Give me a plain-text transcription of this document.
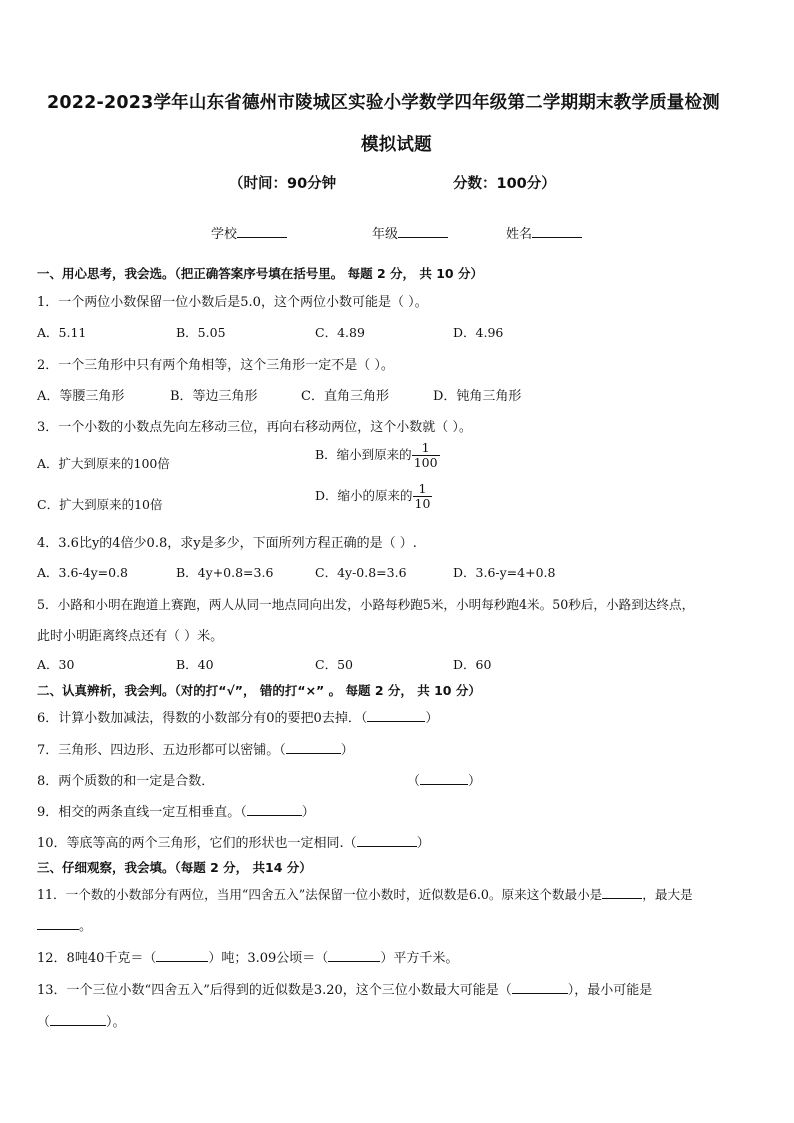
2022-2023学年山东省德州市陵城区实验小学数学四年级第二学期期末教学质量检测
模拟试题
（时间：90分钟	分数：100分）
学校	年级	姓名
一、用心思考，我会选。（把正确答案序号填在括号里。 每题 2 分， 共 10 分）
1．一个两位小数保留一位小数后是5.0，这个两位小数可能是（ ）。
A．5.11	B．5.05	C．4.89	D．4.96
2．一个三角形中只有两个角相等，这个三角形一定不是（ ）。
A．等腰三角形	B．等边三角形	C．直角三角形	D．钝角三角形
3．一个小数的小数点先向左移动三位，再向右移动两位，这个小数就（ ）。
A．扩大到原来的100倍
B．缩小到原来的 $\frac{1}{100}$
C．扩大到原来的10倍
D．缩小的原来的 $\frac{1}{10}$
4．3.6比y的4倍少0.8，求y是多少，下面所列方程正确的是（ ）.
A．3.6-4y=0.8	B．4y+0.8=3.6	C．4y-0.8=3.6	D．3.6-y=4+0.8
5．小路和小明在跑道上赛跑，两人从同一地点同向出发，小路每秒跑5米，小明每秒跑4米。50秒后，小路到达终点，
此时小明距离终点还有（ ）米。
A．30	B．40	C．50	D．60
二、认真辨析，我会判。（对的打“√”， 错的打“×” 。 每题 2 分， 共 10 分）
6．计算小数加减法，得数的小数部分有0的要把0去掉．（	）
7．三角形、四边形、五边形都可以密铺。（	）
8．两个质数的和一定是合数．	（	）
9．相交的两条直线一定互相垂直。（	）
10．等底等高的两个三角形，它们的形状也一定相同.（	）
三、仔细观察，我会填。（每题 2 分， 共14 分）
11．一个数的小数部分有两位，当用“四舍五入”法保留一位小数时，近似数是6.0。原来这个数最小是	，最大是
。
12．8吨40千克＝（	）吨；3.09公顷＝（	）平方千米。
13．一个三位小数“四舍五入”后得到的近似数是3.20，这个三位小数最大可能是（	），最小可能是
（	）。
